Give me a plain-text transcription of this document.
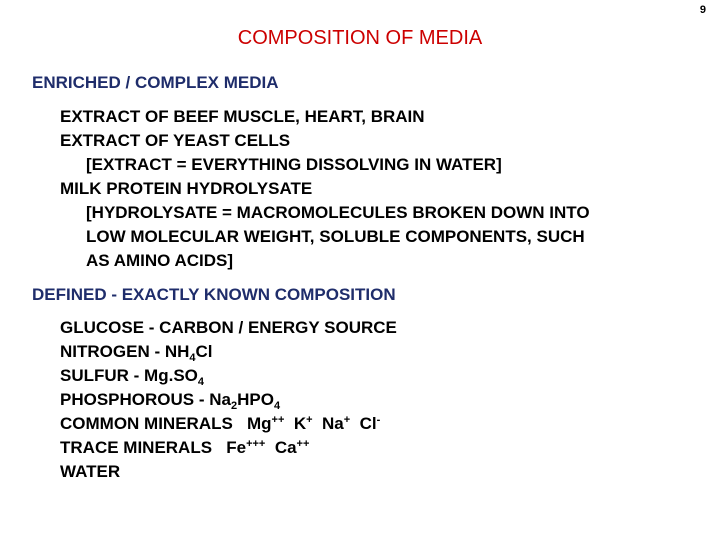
9
COMPOSITION OF MEDIA
ENRICHED / COMPLEX MEDIA
EXTRACT OF BEEF MUSCLE, HEART, BRAIN
EXTRACT OF YEAST CELLS
[EXTRACT = EVERYTHING DISSOLVING IN WATER]
MILK PROTEIN HYDROLYSATE
[HYDROLYSATE = MACROMOLECULES BROKEN DOWN INTO
LOW MOLECULAR WEIGHT, SOLUBLE COMPONENTS, SUCH
AS AMINO ACIDS]
DEFINED - EXACTLY KNOWN COMPOSITION
GLUCOSE - CARBON / ENERGY SOURCE
NITROGEN - $NH_4Cl$
SULFUR - $Mg.SO_4$
PHOSPHOROUS - $Na_2HPO_4$
COMMON MINERALS Mg++ K+ Na+ Cl-
TRACE MINERALS Fe+++ Ca++
WATER
